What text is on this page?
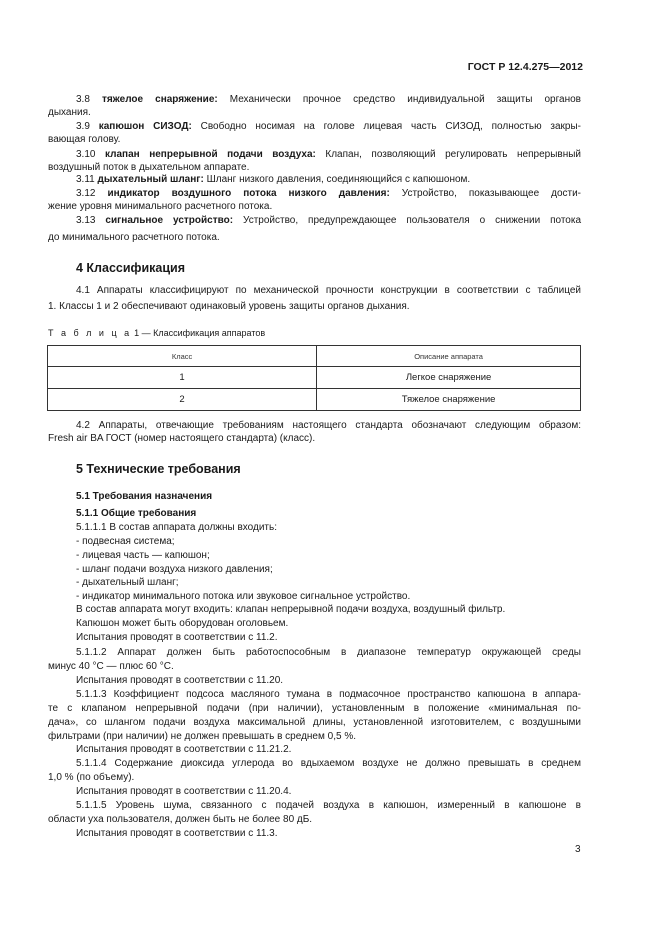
ГОСТ Р 12.4.275—2012
3.8 тяжелое снаряжение: Механически прочное средство индивидуальной защиты органов
дыхания.
3.9 капюшон СИЗОД: Свободно носимая на голове лицевая часть СИЗОД, полностью закры-
вающая голову.
3.10 клапан непрерывной подачи воздуха: Клапан, позволяющий регулировать непрерывный
воздушный поток в дыхательном аппарате.
3.11 дыхательный шланг: Шланг низкого давления, соединяющийся с капюшоном.
3.12 индикатор воздушного потока низкого давления: Устройство, показывающее дости-
жение уровня минимального расчетного потока.
3.13 сигнальное устройство: Устройство, предупреждающее пользователя о снижении потока
до минимального расчетного потока.
4 Классификация
4.1 Аппараты классифицируют по механической прочности конструкции в соответствии с таблицей
1. Классы 1 и 2 обеспечивают одинаковый уровень защиты органов дыхания.
Т а б л и ц а 1 — Классификация аппаратов
Класс	Описание аппарата
1	Легкое снаряжение
2	Тяжелое снаряжение
4.2 Аппараты, отвечающие требованиям настоящего стандарта обозначают следующим образом:
Fresh air BA ГОСТ (номер настоящего стандарта) (класс).
5 Технические требования
5.1 Требования назначения
5.1.1 Общие требования
5.1.1.1 В состав аппарата должны входить:
- подвесная система;
- лицевая часть — капюшон;
- шланг подачи воздуха низкого давления;
- дыхательный шланг;
- индикатор минимального потока или звуковое сигнальное устройство.
В состав аппарата могут входить: клапан непрерывной подачи воздуха, воздушный фильтр.
Капюшон может быть оборудован оголовьем.
Испытания проводят в соответствии с 11.2.
5.1.1.2 Аппарат должен быть работоспособным в диапазоне температур окружающей среды
минус 40 °С — плюс 60 °С.
Испытания проводят в соответствии с 11.20.
5.1.1.3 Коэффициент подсоса масляного тумана в подмасочное пространство капюшона в аппара-
те с клапаном непрерывной подачи (при наличии), установленным в положение «минимальная по-
дача», со шлангом подачи воздуха максимальной длины, установленной изготовителем, с воздушными
фильтрами (при наличии) не должен превышать в среднем 0,5 %.
Испытания проводят в соответствии с 11.21.2.
5.1.1.4 Содержание диоксида углерода во вдыхаемом воздухе не должно превышать в среднем
1,0 % (по объему).
Испытания проводят в соответствии с 11.20.4.
5.1.1.5 Уровень шума, связанного с подачей воздуха в капюшон, измеренный в капюшоне в
области уха пользователя, должен быть не более 80 дБ.
Испытания проводят в соответствии с 11.3.
3
